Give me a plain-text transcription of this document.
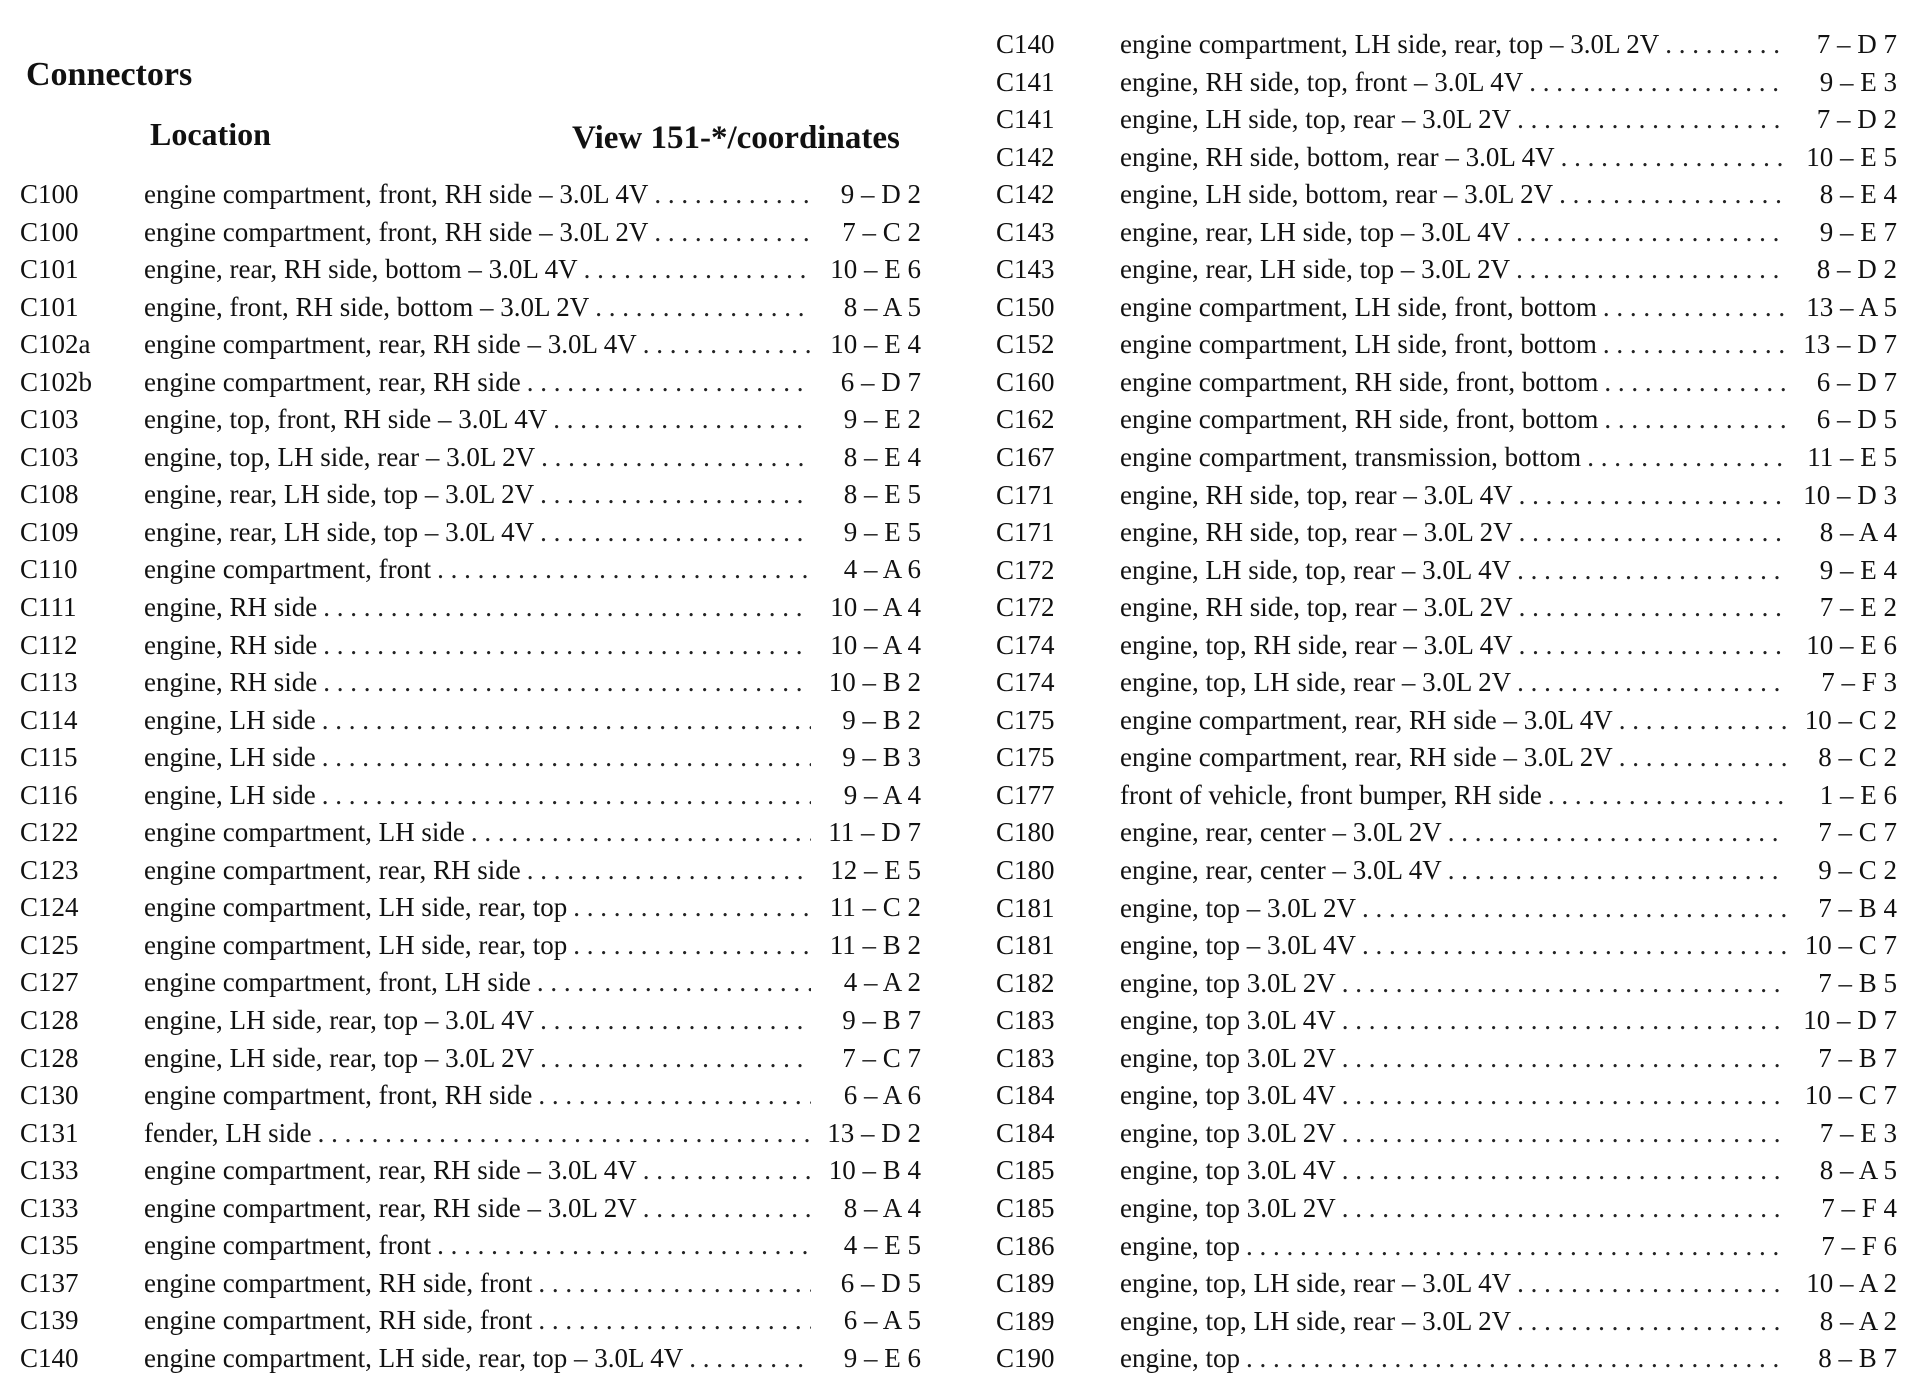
Connectors
Location	View 151-*/coordinates
C100	engine compartment, front, RH side – 3.0L 4V . . .	9 – D 2
C100	engine compartment, front, RH side – 3.0L 2V . . .	7 – C 2
C101	engine, rear, RH side, bottom – 3.0L 4V . . .	10 – E 6
C101	engine, front, RH side, bottom – 3.0L 2V . . .	8 – A 5
C102a	engine compartment, rear, RH side – 3.0L 4V . . .	10 – E 4
C102b	engine compartment, rear, RH side . . .	6 – D 7
C103	engine, top, front, RH side – 3.0L 4V . . .	9 – E 2
C103	engine, top, LH side, rear – 3.0L 2V . . .	8 – E 4
C108	engine, rear, LH side, top – 3.0L 2V . . .	8 – E 5
C109	engine, rear, LH side, top – 3.0L 4V . . .	9 – E 5
C110	engine compartment, front . . .	4 – A 6
C111	engine, RH side . . .	10 – A 4
C112	engine, RH side . . .	10 – A 4
C113	engine, RH side . . .	10 – B 2
C114	engine, LH side . . .	9 – B 2
C115	engine, LH side . . .	9 – B 3
C116	engine, LH side . . .	9 – A 4
C122	engine compartment, LH side . . .	11 – D 7
C123	engine compartment, rear, RH side . . .	12 – E 5
C124	engine compartment, LH side, rear, top . . .	11 – C 2
C125	engine compartment, LH side, rear, top . . .	11 – B 2
C127	engine compartment, front, LH side . . .	4 – A 2
C128	engine, LH side, rear, top – 3.0L 4V . . .	9 – B 7
C128	engine, LH side, rear, top – 3.0L 2V . . .	7 – C 7
C130	engine compartment, front, RH side . . .	6 – A 6
C131	fender, LH side . . .	13 – D 2
C133	engine compartment, rear, RH side – 3.0L 4V . . .	10 – B 4
C133	engine compartment, rear, RH side – 3.0L 2V . . .	8 – A 4
C135	engine compartment, front . . .	4 – E 5
C137	engine compartment, RH side, front . . .	6 – D 5
C139	engine compartment, RH side, front . . .	6 – A 5
C140	engine compartment, LH side, rear, top – 3.0L 4V . . .	9 – E 6
C140	engine compartment, LH side, rear, top – 3.0L 2V . . .	7 – D 7
C141	engine, RH side, top, front – 3.0L 4V . . .	9 – E 3
C141	engine, LH side, top, rear – 3.0L 2V . . .	7 – D 2
C142	engine, RH side, bottom, rear – 3.0L 4V . . .	10 – E 5
C142	engine, LH side, bottom, rear – 3.0L 2V . . .	8 – E 4
C143	engine, rear, LH side, top – 3.0L 4V . . .	9 – E 7
C143	engine, rear, LH side, top – 3.0L 2V . . .	8 – D 2
C150	engine compartment, LH side, front, bottom . . .	13 – A 5
C152	engine compartment, LH side, front, bottom . . .	13 – D 7
C160	engine compartment, RH side, front, bottom . . .	6 – D 7
C162	engine compartment, RH side, front, bottom . . .	6 – D 5
C167	engine compartment, transmission, bottom . . .	11 – E 5
C171	engine, RH side, top, rear – 3.0L 4V . . .	10 – D 3
C171	engine, RH side, top, rear – 3.0L 2V . . .	8 – A 4
C172	engine, LH side, top, rear – 3.0L 4V . . .	9 – E 4
C172	engine, RH side, top, rear – 3.0L 2V . . .	7 – E 2
C174	engine, top, RH side, rear – 3.0L 4V . . .	10 – E 6
C174	engine, top, LH side, rear – 3.0L 2V . . .	7 – F 3
C175	engine compartment, rear, RH side – 3.0L 4V . . .	10 – C 2
C175	engine compartment, rear, RH side – 3.0L 2V . . .	8 – C 2
C177	front of vehicle, front bumper, RH side . . .	1 – E 6
C180	engine, rear, center – 3.0L 2V . . .	7 – C 7
C180	engine, rear, center – 3.0L 4V . . .	9 – C 2
C181	engine, top – 3.0L 2V . . .	7 – B 4
C181	engine, top – 3.0L 4V . . .	10 – C 7
C182	engine, top 3.0L 2V . . .	7 – B 5
C183	engine, top 3.0L 4V . . .	10 – D 7
C183	engine, top 3.0L 2V . . .	7 – B 7
C184	engine, top 3.0L 4V . . .	10 – C 7
C184	engine, top 3.0L 2V . . .	7 – E 3
C185	engine, top 3.0L 4V . . .	8 – A 5
C185	engine, top 3.0L 2V . . .	7 – F 4
C186	engine, top . . .	7 – F 6
C189	engine, top, LH side, rear – 3.0L 4V . . .	10 – A 2
C189	engine, top, LH side, rear – 3.0L 2V . . .	8 – A 2
C190	engine, top . . .	8 – B 7
